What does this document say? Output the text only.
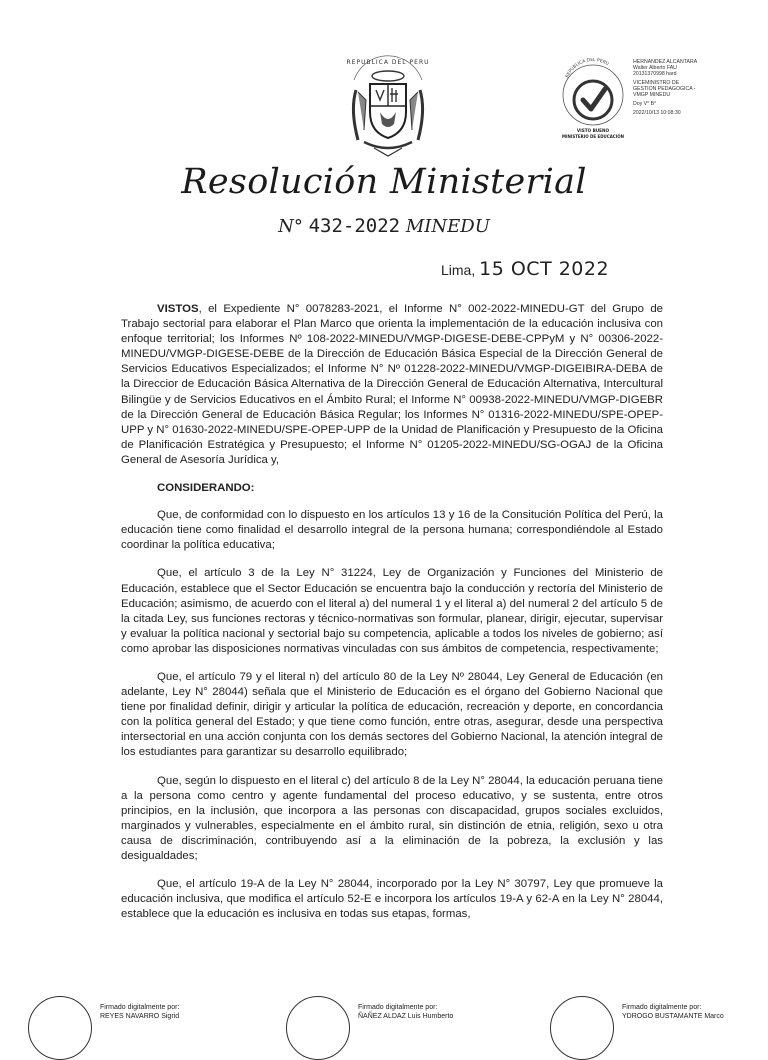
REPUBLICA DEL PERU
REPUBLICA DEL PERU
VISTO BUENO
MINISTERIO DE EDUCACIÓN
HERNANDEZ ALCANTARA
Walter Alberto FAU
20131370998 hard
VICEMINISTRO DE
GESTION PEDAGOGICA -
VMGP MINEDU
Doy V° B°
2022/10/13 10:08:30
Resolución Ministerial
N° 432-2022 MINEDU
Lima, 15 OCT 2022

VISTOS, el Expediente N° 0078283-2021, el Informe N° 002-2022-MINEDU-GT del Grupo de Trabajo sectorial para elaborar el Plan Marco que orienta la implementación de la educación inclusiva con enfoque territorial; los Informes Nº 108-2022-MINEDU/VMGP-DIGESE-DEBE-CPPyM y N° 00306-2022-MINEDU/VMGP-DIGESE-DEBE de la Dirección de Educación Básica Especial de la Dirección General de Servicios Educativos Especializados; el Informe N° Nº 01228-2022-MINEDU/VMGP-DIGEIBIRA-DEBA de la Direccior de Educación Básica Alternativa de la Dirección General de Educación Alternativa, Intercultural Bilingüe y de Servicios Educativos en el Ámbito Rural; el Informe N° 00938-2022-MINEDU/VMGP-DIGEBR de la Dirección General de Educación Básica Regular; los Informes N° 01316-2022-MINEDU/SPE-OPEP-UPP y N° 01630-2022-MINEDU/SPE-OPEP-UPP de la Unidad de Planificación y Presupuesto de la Oficina de Planificación Estratégica y Presupuesto; el Informe N° 01205-2022-MINEDU/SG-OGAJ de la Oficina General de Asesoría Jurídica y,

CONSIDERANDO:

Que, de conformidad con lo dispuesto en los artículos 13 y 16 de la Consitución Política del Perú, la educación tiene como finalidad el desarrollo integral de la persona humana; correspondiéndole al Estado coordinar la política educativa;

Que, el artículo 3 de la Ley N° 31224, Ley de Organización y Funciones del Ministerio de Educación, establece que el Sector Educación se encuentra bajo la conducción y rectoría del Ministerio de Educación; asimismo, de acuerdo con el literal a) del numeral 1 y el literal a) del numeral 2 del artículo 5 de la citada Ley, sus funciones rectoras y técnico-normativas son formular, planear, dirigir, ejecutar, supervisar y evaluar la política nacional y sectorial bajo su competencia, aplicable a todos los niveles de gobierno; así como aprobar las disposiciones normativas vinculadas con sus ámbitos de competencia, respectivamente;

Que, el artículo 79 y el literal n) del artículo 80 de la Ley Nº 28044, Ley General de Educación (en adelante, Ley N° 28044) señala que el Ministerio de Educación es el órgano del Gobierno Nacional que tiene por finalidad definir, dirigir y articular la política de educación, recreación y deporte, en concordancia con la política general del Estado; y que tiene como función, entre otras, asegurar, desde una perspectiva intersectorial en una acción conjunta con los demás sectores del Gobierno Nacional, la atención integral de los estudiantes para garantizar su desarrollo equilibrado;

Que, según lo dispuesto en el literal c) del artículo 8 de la Ley N° 28044, la educación peruana tiene a la persona como centro y agente fundamental del proceso educativo, y se sustenta, entre otros principios, en la inclusión, que incorpora a las personas con discapacidad, grupos sociales excluidos, marginados y vulnerables, especialmente en el ámbito rural, sin distinción de etnia, religión, sexo u otra causa de discriminación, contribuyendo así a la eliminación de la pobreza, la exclusión y las desigualdades;

Que, el artículo 19-A de la Ley N° 28044, incorporado por la Ley N° 30797, Ley que promueve la educación inclusiva, que modifica el artículo 52-E e incorpora los artículos 19-A y 62-A en la Ley N° 28044, establece que la educación es inclusiva en todas sus etapas, formas,

Firmado digitalmente por:
REYES NAVARRO Sigrid
Firmado digitalmente por:
ÑAÑEZ ALDAZ Luis Humberto
Firmado digitalmente por:
YDROGO BUSTAMANTE Marco
